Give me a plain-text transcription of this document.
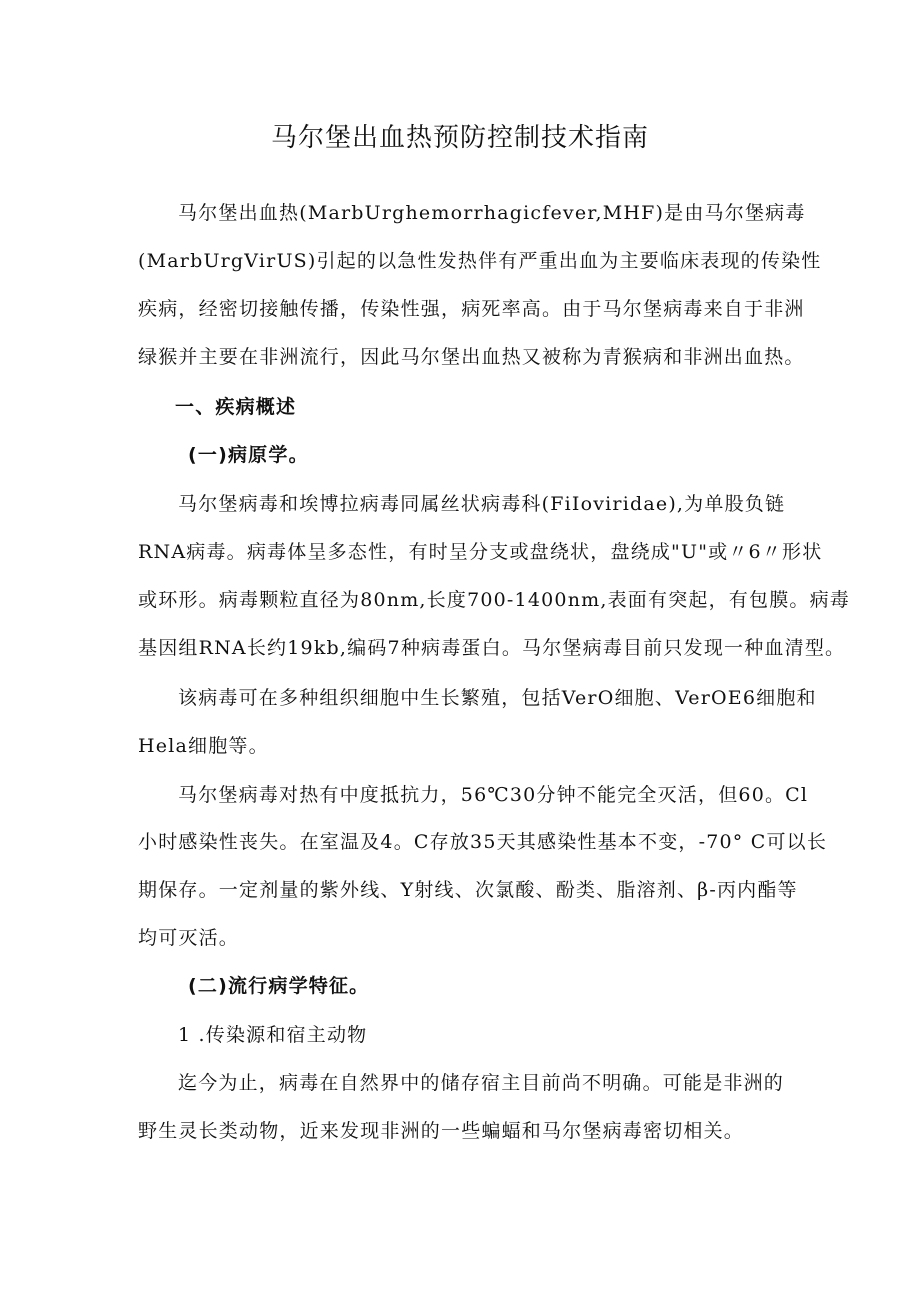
马尔堡出血热预防控制技术指南
马尔堡出血热(MarbUrghemorrhagicfever,MHF)是由马尔堡病毒
(MarbUrgVirUS)引起的以急性发热伴有严重出血为主要临床表现的传染性
疾病，经密切接触传播，传染性强，病死率高。由于马尔堡病毒来自于非洲
绿猴并主要在非洲流行，因此马尔堡出血热又被称为青猴病和非洲出血热。
一、疾病概述
(一)病原学。
马尔堡病毒和埃博拉病毒同属丝状病毒科(FiIoviridae),为单股负链
RNA病毒。病毒体呈多态性，有时呈分支或盘绕状，盘绕成"U"或〃6〃形状
或环形。病毒颗粒直径为80nm,长度700-1400nm,表面有突起，有包膜。病毒
基因组RNA长约19kb,编码7种病毒蛋白。马尔堡病毒目前只发现一种血清型。
该病毒可在多种组织细胞中生长繁殖，包括VerO细胞、VerOE6细胞和
Hela细胞等。
马尔堡病毒对热有中度抵抗力，56℃30分钟不能完全灭活，但60。Cl
小时感染性丧失。在室温及4。C存放35天其感染性基本不变，-70° C可以长
期保存。一定剂量的紫外线、Y射线、次氯酸、酚类、脂溶剂、β-丙内酯等
均可灭活。
(二)流行病学特征。
1 .传染源和宿主动物
迄今为止，病毒在自然界中的储存宿主目前尚不明确。可能是非洲的
野生灵长类动物，近来发现非洲的一些蝙蝠和马尔堡病毒密切相关。
